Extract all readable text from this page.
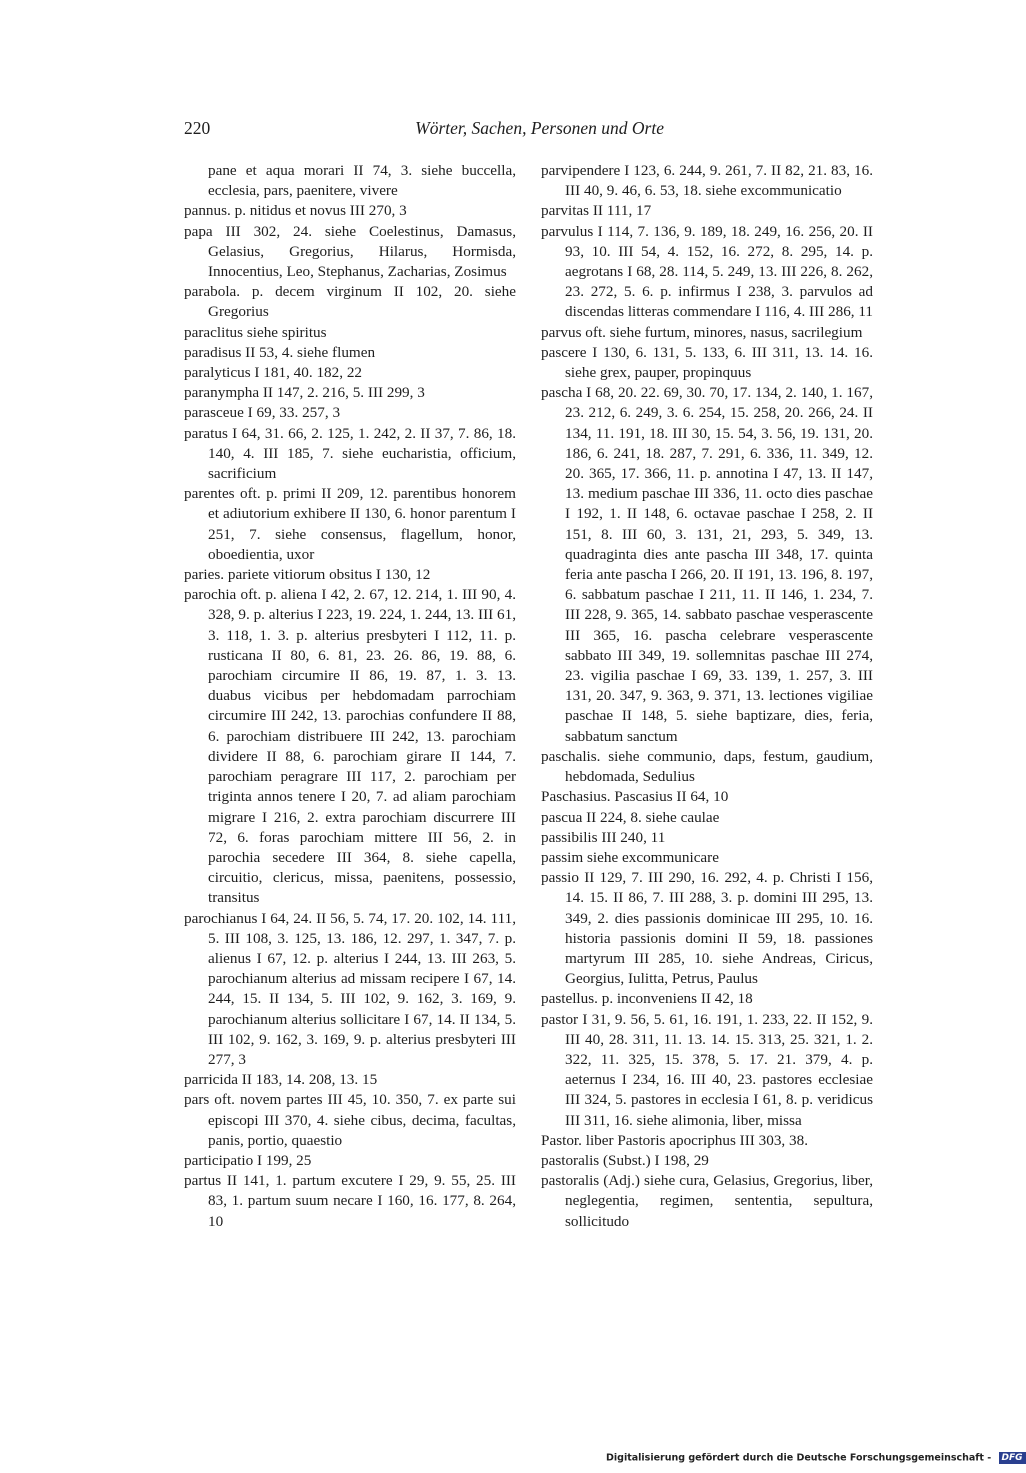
220	Wörter, Sachen, Personen und Orte
pane et aqua morari II 74, 3. siehe buccella, ecclesia, pars, paenitere, vivere
pannus. p. nitidus et novus III 270, 3
papa III 302, 24. siehe Coelestinus, Damasus, Gelasius, Gregorius, Hilarus, Hormisda, Innocentius, Leo, Stephanus, Zacharias, Zosimus
parabola. p. decem virginum II 102, 20. siehe Gregorius
paraclitus siehe spiritus
paradisus II 53, 4. siehe flumen
paralyticus I 181, 40. 182, 22
paranympha II 147, 2. 216, 5. III 299, 3
parasceue I 69, 33. 257, 3
paratus I 64, 31. 66, 2. 125, 1. 242, 2. II 37, 7. 86, 18. 140, 4. III 185, 7. siehe eucharistia, officium, sacrificium
parentes oft. p. primi II 209, 12. parentibus honorem et adiutorium exhibere II 130, 6. honor parentum I 251, 7. siehe consensus, flagellum, honor, oboedientia, uxor
paries. pariete vitiorum obsitus I 130, 12
parochia oft. p. aliena I 42, 2. 67, 12. 214, 1. III 90, 4. 328, 9. p. alterius I 223, 19. 224, 1. 244, 13. III 61, 3. 118, 1. 3. p. alterius presbyteri I 112, 11. p. rusticana II 80, 6. 81, 23. 26. 86, 19. 88, 6. parochiam circumire II 86, 19. 87, 1. 3. 13. duabus vicibus per hebdomadam parrochiam circumire III 242, 13. parochias confundere II 88, 6. parochiam distribuere III 242, 13. parochiam dividere II 88, 6. parochiam girare II 144, 7. parochiam peragrare III 117, 2. parochiam per triginta annos tenere I 20, 7. ad aliam parochiam migrare I 216, 2. extra parochiam discurrere III 72, 6. foras parochiam mittere III 56, 2. in parochia secedere III 364, 8. siehe capella, circuitio, clericus, missa, paenitens, possessio, transitus
parochianus I 64, 24. II 56, 5. 74, 17. 20. 102, 14. 111, 5. III 108, 3. 125, 13. 186, 12. 297, 1. 347, 7. p. alienus I 67, 12. p. alterius I 244, 13. III 263, 5. parochianum alterius ad missam recipere I 67, 14. 244, 15. II 134, 5. III 102, 9. 162, 3. 169, 9. parochianum alterius sollicitare I 67, 14. II 134, 5. III 102, 9. 162, 3. 169, 9. p. alterius presbyteri III 277, 3
parricida II 183, 14. 208, 13. 15
pars oft. novem partes III 45, 10. 350, 7. ex parte sui episcopi III 370, 4. siehe cibus, decima, facultas, panis, portio, quaestio
participatio I 199, 25
partus II 141, 1. partum excutere I 29, 9. 55, 25. III 83, 1. partum suum necare I 160, 16. 177, 8. 264, 10
parvipendere I 123, 6. 244, 9. 261, 7. II 82, 21. 83, 16. III 40, 9. 46, 6. 53, 18. siehe excommunicatio
parvitas II 111, 17
parvulus I 114, 7. 136, 9. 189, 18. 249, 16. 256, 20. II 93, 10. III 54, 4. 152, 16. 272, 8. 295, 14. p. aegrotans I 68, 28. 114, 5. 249, 13. III 226, 8. 262, 23. 272, 5. 6. p. infirmus I 238, 3. parvulos ad discendas litteras commendare I 116, 4. III 286, 11
parvus oft. siehe furtum, minores, nasus, sacrilegium
pascere I 130, 6. 131, 5. 133, 6. III 311, 13. 14. 16. siehe grex, pauper, propinquus
pascha I 68, 20. 22. 69, 30. 70, 17. 134, 2. 140, 1. 167, 23. 212, 6. 249, 3. 6. 254, 15. 258, 20. 266, 24. II 134, 11. 191, 18. III 30, 15. 54, 3. 56, 19. 131, 20. 186, 6. 241, 18. 287, 7. 291, 6. 336, 11. 349, 12. 20. 365, 17. 366, 11. p. annotina I 47, 13. II 147, 13. medium paschae III 336, 11. octo dies paschae I 192, 1. II 148, 6. octavae paschae I 258, 2. II 151, 8. III 60, 3. 131, 21, 293, 5. 349, 13. quadraginta dies ante pascha III 348, 17. quinta feria ante pascha I 266, 20. II 191, 13. 196, 8. 197, 6. sabbatum paschae I 211, 11. II 146, 1. 234, 7. III 228, 9. 365, 14. sabbato paschae vesperascente III 365, 16. pascha celebrare vesperascente sabbato III 349, 19. sollemnitas paschae III 274, 23. vigilia paschae I 69, 33. 139, 1. 257, 3. III 131, 20. 347, 9. 363, 9. 371, 13. lectiones vigiliae paschae II 148, 5. siehe baptizare, dies, feria, sabbatum sanctum
paschalis. siehe communio, daps, festum, gaudium, hebdomada, Sedulius
Paschasius. Pascasius II 64, 10
pascua II 224, 8. siehe caulae
passibilis III 240, 11
passim siehe excommunicare
passio II 129, 7. III 290, 16. 292, 4. p. Christi I 156, 14. 15. II 86, 7. III 288, 3. p. domini III 295, 13. 349, 2. dies passionis dominicae III 295, 10. 16. historia passionis domini II 59, 18. passiones martyrum III 285, 10. siehe Andreas, Ciricus, Georgius, Iulitta, Petrus, Paulus
pastellus. p. inconveniens II 42, 18
pastor I 31, 9. 56, 5. 61, 16. 191, 1. 233, 22. II 152, 9. III 40, 28. 311, 11. 13. 14. 15. 313, 25. 321, 1. 2. 322, 11. 325, 15. 378, 5. 17. 21. 379, 4. p. aeternus I 234, 16. III 40, 23. pastores ecclesiae III 324, 5. pastores in ecclesia I 61, 8. p. veridicus III 311, 16. siehe alimonia, liber, missa
Pastor. liber Pastoris apocriphus III 303, 38.
pastoralis (Subst.) I 198, 29
pastoralis (Adj.) siehe cura, Gelasius, Gregorius, liber, neglegentia, regimen, sententia, sepultura, sollicitudo
Digitalisierung gefördert durch die Deutsche Forschungsgemeinschaft - DFG
